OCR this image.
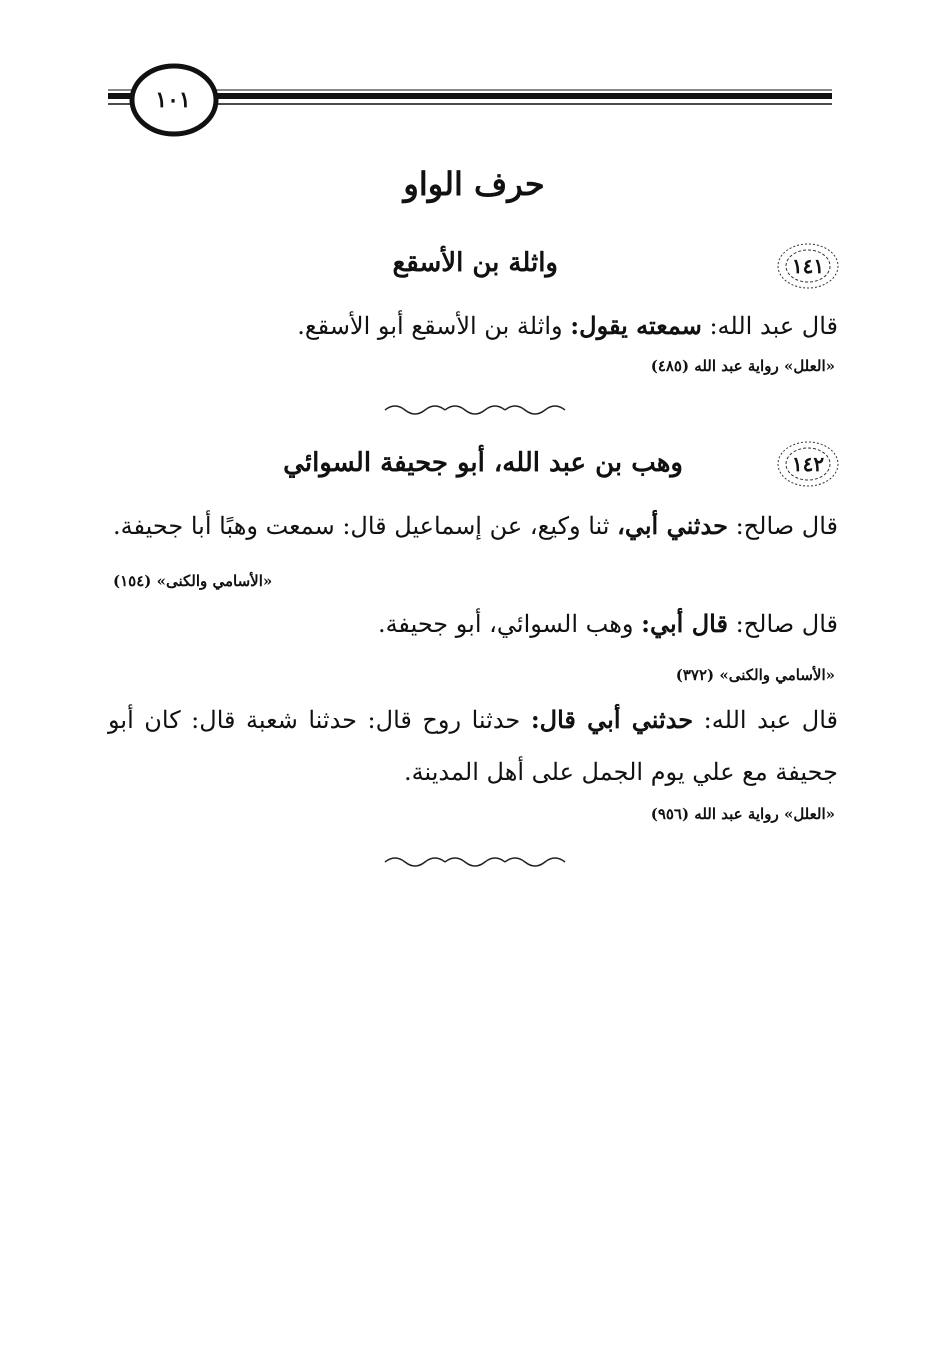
١٠١
حرف الواو
١٤١
واثلة بن الأسقع
قال عبد الله: سمعته يقول: واثلة بن الأسقع أبو الأسقع.
«العلل» رواية عبد الله (٤٨٥)
١٤٢
وهب بن عبد الله، أبو جحيفة السوائي
قال صالح: حدثني أبي، ثنا وكيع، عن إسماعيل قال: سمعت وهبًا أبا جحيفة.
«الأسامي والكنى» (١٥٤)
قال صالح: قال أبي: وهب السوائي، أبو جحيفة.
«الأسامي والكنى» (٣٧٢)
قال عبد الله: حدثني أبي قال: حدثنا روح قال: حدثنا شعبة قال: كان أبو جحيفة مع علي يوم الجمل على أهل المدينة.
«العلل» رواية عبد الله (٩٥٦)
